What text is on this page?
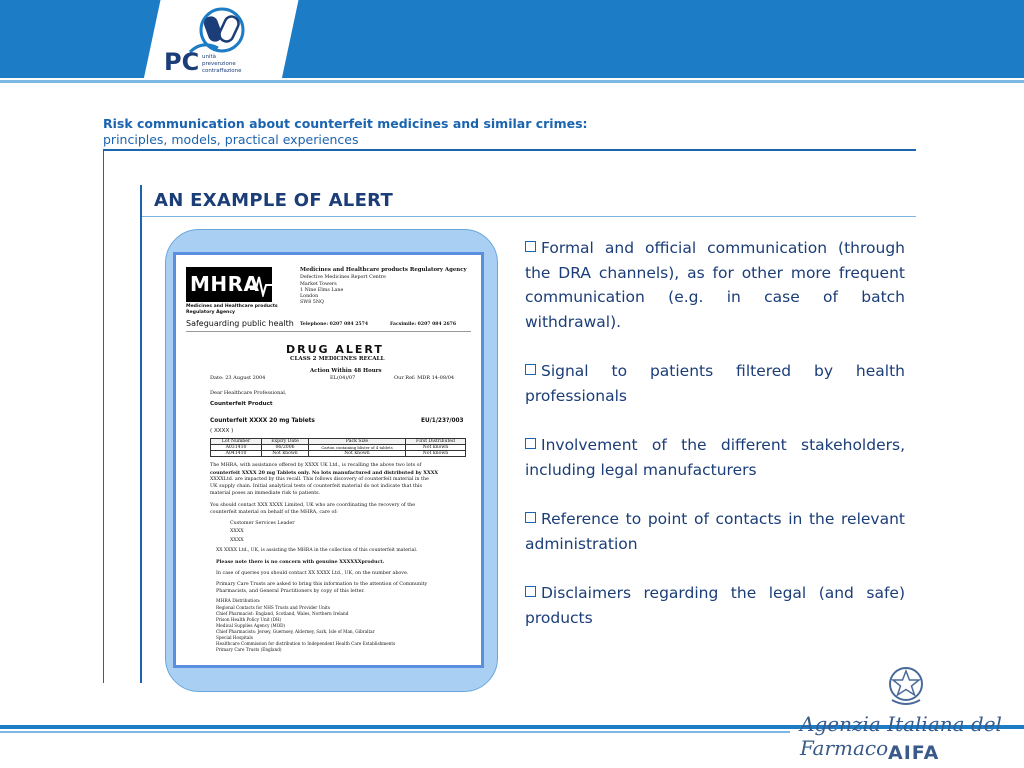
PC unità
prevenzione
contraffazione
Risk communication about counterfeit medicines and similar crimes:
principles, models, practical experiences
AN EXAMPLE OF ALERT
MHRA
Medicines and Healthcare products Regulatory Agency
Defective Medicines Report Centre
Market Towers
1 Nine Elms Lane
London
SW8 5NQ
Medicines and Healthcare products
Regulatory Agency
Safeguarding public health Telephone: 0207 084 2574	Facsimile: 0207 084 2676
DRUG ALERT
CLASS 2 MEDICINES RECALL
Action Within 48 Hours
EL(04)/07
Date: 23 August 2004	Our Ref: MDR 14-08/04
Dear Healthcare Professional,
Counterfeit Product
Counterfeit XXXX 20 mg Tablets	EU/1/23?/003
( XXXX )
Lot Number	Expiry Date	Pack Size	First Distributed
A031410	06/2006	Carton containing blister of 4 tablets	Not known
A041410	Not known	Not known	Not known
The MHRA, with assistance offered by XXXX UK Ltd., is recalling the above two lots of
counterfeit XXXX 20 mg Tablets only. No lots manufactured and distributed by XXXX
XXXXLtd. are impacted by this recall. This follows discovery of counterfeit material in the
UK supply chain. Initial analytical tests of counterfeit material do not indicate that this
material poses an immediate risk to patients.
You should contact XXX XXXX Limited, UK who are coordinating the recovery of the
counterfeit material on behalf of the MHRA, care of:
Customer Services Leader
XXXX
XXXX
XX XXXX Ltd., UK, is assisting the MHRA in the collection of this counterfeit material.
Please note there is no concern with genuine XXXXXXproduct.
In case of queries you should contact XX XXXX Ltd., UK, on the number above.
Primary Care Trusts are asked to bring this information to the attention of Community
Pharmacists, and General Practitioners by copy of this letter.
MHRA Distribution:
Regional Contacts for NHS Trusts and Provider Units
Chief Pharmacist: England, Scotland, Wales, Northern Ireland
Prison Health Policy Unit (DH)
Medical Supplies Agency (MOD)
Chief Pharmacists: Jersey, Guernsey, Alderney, Sark, Isle of Man, Gibraltar
Special Hospitals
Healthcare Commission for distribution to Independent Health Care Establishments
Primary Care Trusts (England)

Formal and official communication (through the DRA channels), as for other more frequent communication (e.g. in case of batch withdrawal).

Signal to patients filtered by health professionals

Involvement of the different stakeholders, including legal manufacturers

Reference to point of contacts in the relevant administration

Disclaimers regarding the legal (and safe) products

Agenzia Italiana del Farmaco AIFA
